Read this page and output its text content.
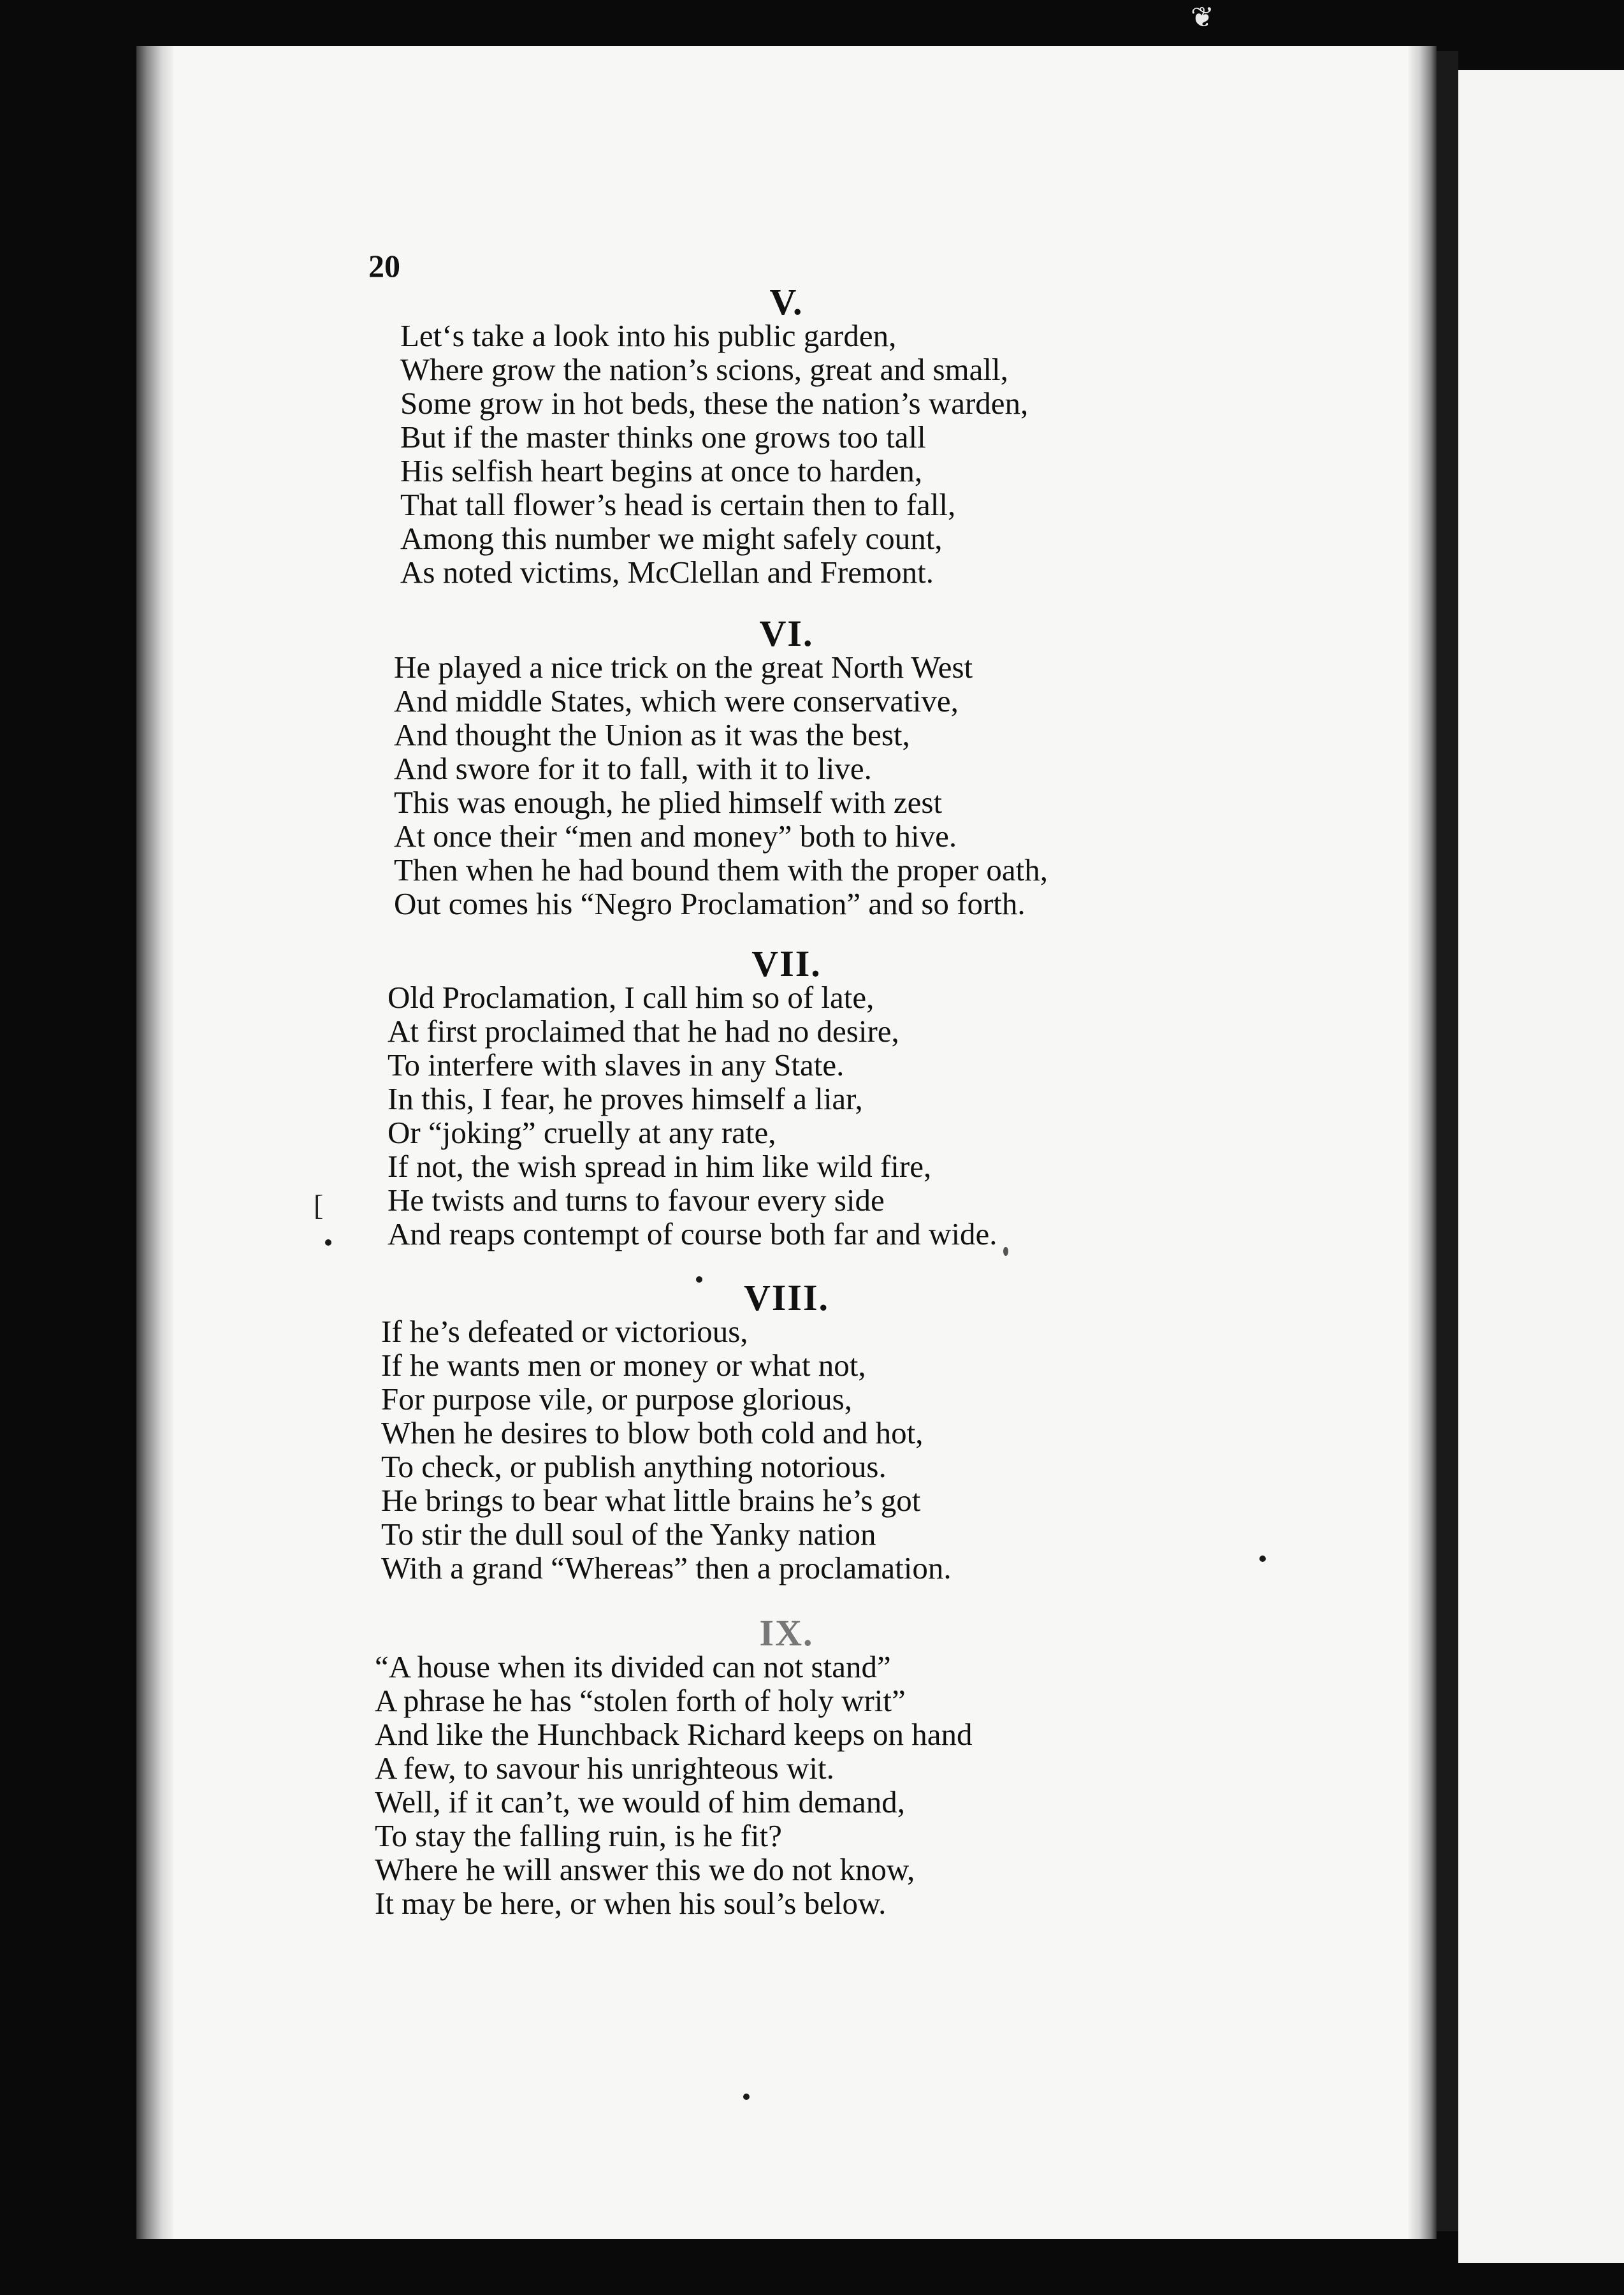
❦
20
V.
Let‘s take a look into his public garden,
Where grow the nation’s scions, great and small,
Some grow in hot beds, these the nation’s warden,
But if the master thinks one grows too tall
His selfish heart begins at once to harden,
That tall flower’s head is certain then to fall,
Among this number we might safely count,
As noted victims, McClellan and Fremont.
VI.
He played a nice trick on the great North West
And middle States, which were conservative,
And thought the Union as it was the best,
And swore for it to fall, with it to live.
This was enough, he plied himself with zest
At once their “men and money” both to hive.
Then when he had bound them with the proper oath,
Out comes his “Negro Proclamation” and so forth.
VII.
Old Proclamation, I call him so of late,
At first proclaimed that he had no desire,
To interfere with slaves in any State.
In this, I fear, he proves himself a liar,
Or “joking” cruelly at any rate,
If not, the wish spread in him like wild fire,
He twists and turns to favour every side
And reaps contempt of course both far and wide.
VIII.
If he’s defeated or victorious,
If he wants men or money or what not,
For purpose vile, or purpose glorious,
When he desires to blow both cold and hot,
To check, or publish anything notorious.
He brings to bear what little brains he’s got
To stir the dull soul of the Yanky nation
With a grand “Whereas” then a proclamation.
IX.
“A house when its divided can not stand”
A phrase he has “stolen forth of holy writ”
And like the Hunchback Richard keeps on hand
A few, to savour his unrighteous wit.
Well, if it can’t, we would of him demand,
To stay the falling ruin, is he fit?
Where he will answer this we do not know,
It may be here, or when his soul’s below.
[
